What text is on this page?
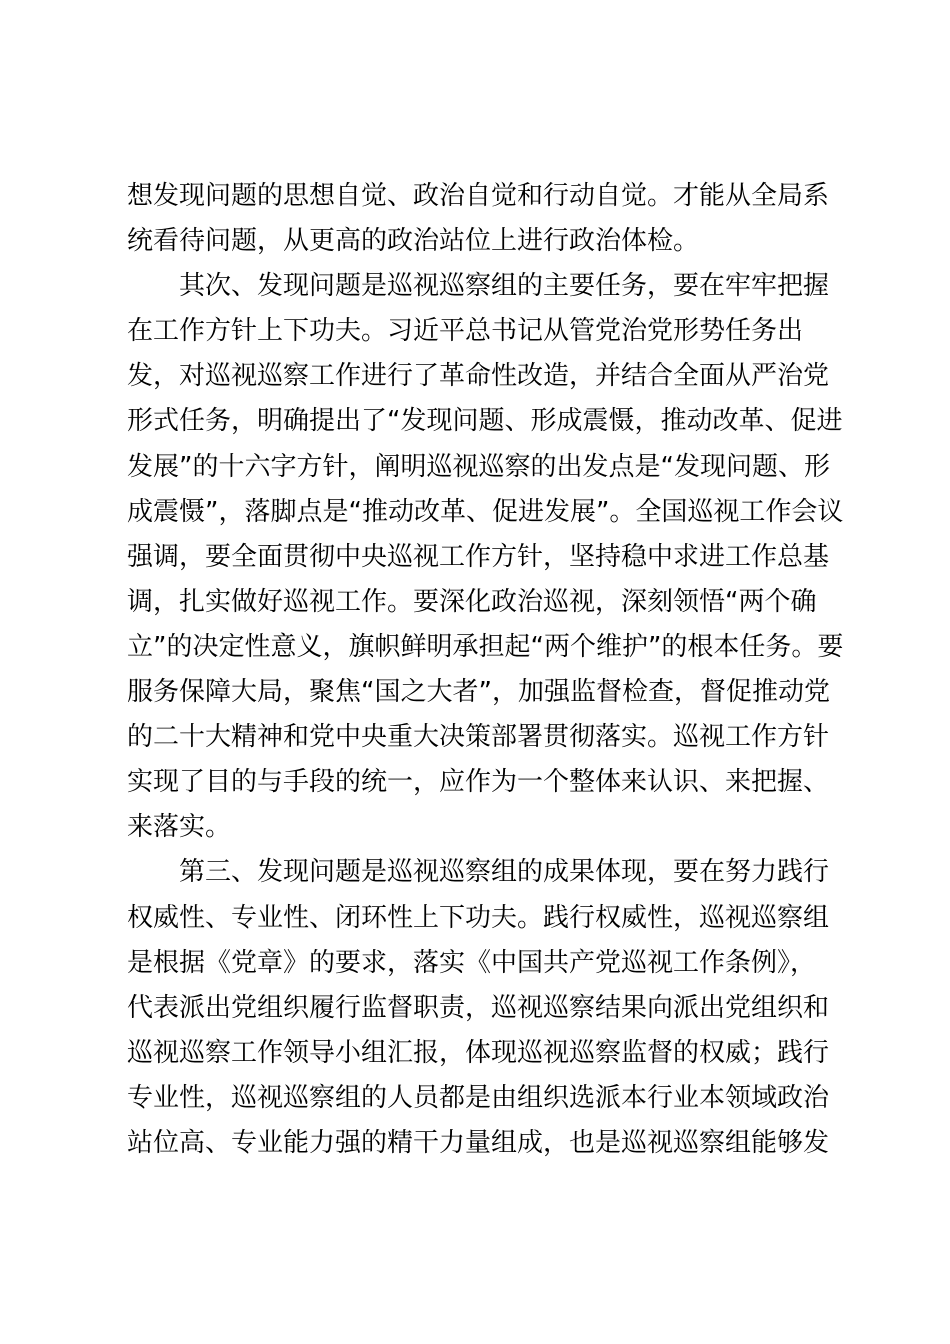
想发现问题的思想自觉、政治自觉和行动自觉。才能从全局系
统看待问题，从更高的政治站位上进行政治体检。
其次、发现问题是巡视巡察组的主要任务，要在牢牢把握
在工作方针上下功夫。习近平总书记从管党治党形势任务出
发，对巡视巡察工作进行了革命性改造，并结合全面从严治党
形式任务，明确提出了“发现问题、形成震慑，推动改革、促进
发展”的十六字方针，阐明巡视巡察的出发点是“发现问题、形
成震慑”，落脚点是“推动改革、促进发展”。全国巡视工作会议
强调，要全面贯彻中央巡视工作方针，坚持稳中求进工作总基
调，扎实做好巡视工作。要深化政治巡视，深刻领悟“两个确
立”的决定性意义，旗帜鲜明承担起“两个维护”的根本任务。要
服务保障大局，聚焦“国之大者”，加强监督检查，督促推动党
的二十大精神和党中央重大决策部署贯彻落实。巡视工作方针
实现了目的与手段的统一，应作为一个整体来认识、来把握、
来落实。
第三、发现问题是巡视巡察组的成果体现，要在努力践行
权威性、专业性、闭环性上下功夫。践行权威性，巡视巡察组
是根据《党章》的要求，落实《中国共产党巡视工作条例》，
代表派出党组织履行监督职责，巡视巡察结果向派出党组织和
巡视巡察工作领导小组汇报，体现巡视巡察监督的权威；践行
专业性，巡视巡察组的人员都是由组织选派本行业本领域政治
站位高、专业能力强的精干力量组成，也是巡视巡察组能够发
